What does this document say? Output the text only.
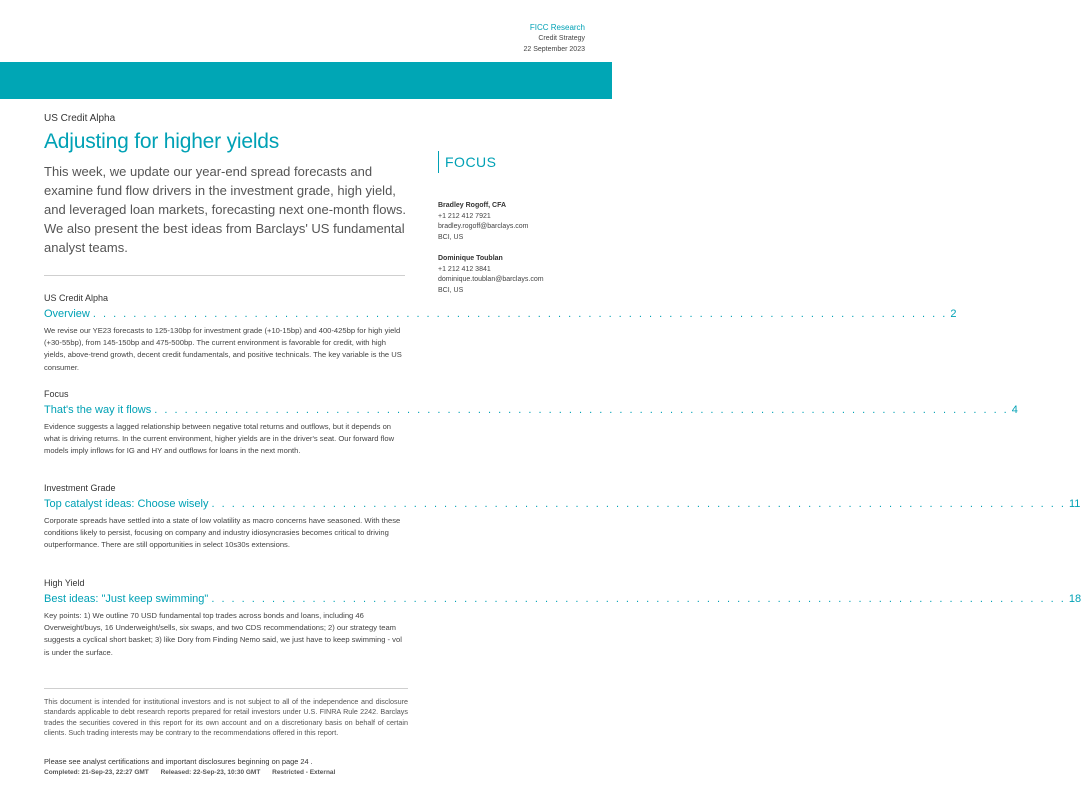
FICC Research
Credit Strategy
22 September 2023
US Credit Alpha
Adjusting for higher yields
This week, we update our year-end spread forecasts and examine fund flow drivers in the investment grade, high yield, and leveraged loan markets, forecasting next one-month flows. We also present the best ideas from Barclays' US fundamental analyst teams.
FOCUS
Bradley Rogoff, CFA
+1 212 412 7921
bradley.rogoff@barclays.com
BCI, US
Dominique Toublan
+1 212 412 3841
dominique.toublan@barclays.com
BCI, US
US Credit Alpha
Overview . . . . . . . . . . . . . . . . . . . . . . . . . . . . . . . . . . . . . . . . . . . . . . . . . . . . . . . . . . . . . . . . . . . . . . . . . . . . . . . . . . . . . 2
We revise our YE23 forecasts to 125-130bp for investment grade (+10-15bp) and 400-425bp for high yield (+30-55bp), from 145-150bp and 475-500bp. The current environment is favorable for credit, with high yields, above-trend growth, decent credit fundamentals, and positive technicals. The key variable is the US consumer.
Focus
That's the way it flows . . . . . . . . . . . . . . . . . . . . . . . . . . . . . . . . . . . . . . . . . . . . . . . . . . . . . . . . . . . . . . . . . . . . . . . . . . . . . . . . . . . . . 4
Evidence suggests a lagged relationship between negative total returns and outflows, but it depends on what is driving returns. In the current environment, higher yields are in the driver's seat. Our forward flow models imply inflows for IG and HY and outflows for loans in the next month.
Investment Grade
Top catalyst ideas: Choose wisely . . . . . . . . . . . . . . . . . . . . . . . . . . . . . . . . . . . . . . . . . . . . . . . . . . . . . . . . . . . . . . . . . . . . . . . . . . . . . . . . . . . . . 11
Corporate spreads have settled into a state of low volatility as macro concerns have seasoned. With these conditions likely to persist, focusing on company and industry idiosyncrasies becomes critical to driving outperformance. There are still opportunities in select 10s30s extensions.
High Yield
Best ideas: "Just keep swimming" . . . . . . . . . . . . . . . . . . . . . . . . . . . . . . . . . . . . . . . . . . . . . . . . . . . . . . . . . . . . . . . . . . . . . . . . . . . . . . . . . . . . . 18
Key points: 1) We outline 70 USD fundamental top trades across bonds and loans, including 46 Overweight/buys, 16 Underweight/sells, six swaps, and two CDS recommendations; 2) our strategy team suggests a cyclical short basket; 3) like Dory from Finding Nemo said, we just have to keep swimming - vol is under the surface.
This document is intended for institutional investors and is not subject to all of the independence and disclosure standards applicable to debt research reports prepared for retail investors under U.S. FINRA Rule 2242. Barclays trades the securities covered in this report for its own account and on a discretionary basis on behalf of certain clients. Such trading interests may be contrary to the recommendations offered in this report.
Please see analyst certifications and important disclosures beginning on page 24 .
Completed: 21-Sep-23, 22:27 GMT Released: 22-Sep-23, 10:30 GMT Restricted - External
